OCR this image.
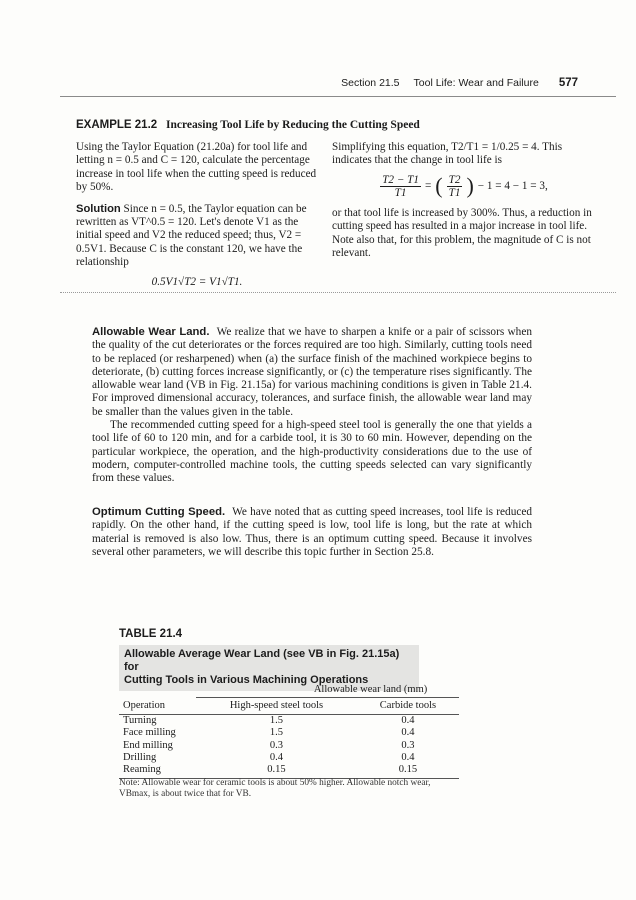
Section 21.5 Tool Life: Wear and Failure 577
EXAMPLE 21.2 Increasing Tool Life by Reducing the Cutting Speed

Using the Taylor Equation (21.20a) for tool life and letting n = 0.5 and C = 120, calculate the percentage increase in tool life when the cutting speed is reduced by 50%.

Solution Since n = 0.5, the Taylor equation can be rewritten as VT^0.5 = 120. Let's denote V1 as the initial speed and V2 the reduced speed; thus, V2 = 0.5V1. Because C is the constant 120, we have the relationship

0.5V1√T2 = V1√T1.

Simplifying this equation, T2/T1 = 1/0.25 = 4. This indicates that the change in tool life is

$\frac{T2 - T1}{T1}$ = ( $\frac{T2}{T1}$ ) − 1 = 4 − 1 = 3,

or that tool life is increased by 300%. Thus, a reduction in cutting speed has resulted in a major increase in tool life. Note also that, for this problem, the magnitude of C is not relevant.

Allowable Wear Land. We realize that we have to sharpen a knife or a pair of scissors when the quality of the cut deteriorates or the forces required are too high. Similarly, cutting tools need to be replaced (or resharpened) when (a) the surface finish of the machined workpiece begins to deteriorate, (b) cutting forces increase significantly, or (c) the temperature rises significantly. The allowable wear land (VB in Fig. 21.15a) for various machining conditions is given in Table 21.4. For improved dimensional accuracy, tolerances, and surface finish, the allowable wear land may be smaller than the values given in the table.

The recommended cutting speed for a high-speed steel tool is generally the one that yields a tool life of 60 to 120 min, and for a carbide tool, it is 30 to 60 min. However, depending on the particular workpiece, the operation, and the high-productivity considerations due to the use of modern, computer-controlled machine tools, the cutting speeds selected can vary significantly from these values.

Optimum Cutting Speed. We have noted that as cutting speed increases, tool life is reduced rapidly. On the other hand, if the cutting speed is low, tool life is long, but the rate at which material is removed is also low. Thus, there is an optimum cutting speed. Because it involves several other parameters, we will describe this topic further in Section 25.8.

TABLE 21.4
Allowable Average Wear Land (see VB in Fig. 21.15a) for
Cutting Tools in Various Machining Operations
	Allowable wear land (mm)	
Operation	High-speed steel tools	Carbide tools
Turning	1.5	0.4
Face milling	1.5	0.4
End milling	0.3	0.3
Drilling	0.4	0.4
Reaming	0.15	0.15
Note: Allowable wear for ceramic tools is about 50% higher. Allowable notch wear, VBmax, is about twice that for VB.
